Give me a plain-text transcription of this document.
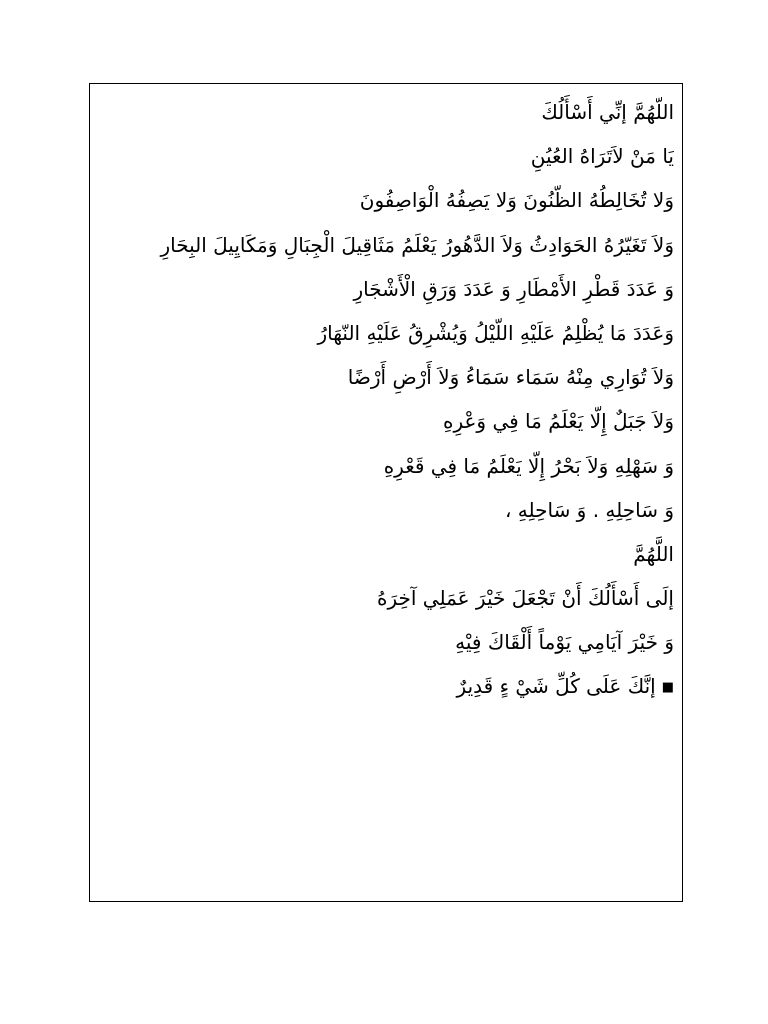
اللّهُمَّ إنِّي أَسْأَلُكَ
يَا مَنْ لاَتَرَاهُ العُيُنِ
وَلا تُخَالِطُهُ الظّنُونَ وَلا يَصِفُهُ الْوَاصِفُونَ
وَلاَ تَغَيّرُهُ الحَوَادِثُ وَلاَ الدَّهُورُ يَعْلَمُ مَثَاقِيلَ الْجِبَالِ وَمَكَايِيلَ البِحَارِ
وَ عَدَدَ قَطْرِ الأَمْطَارِ وَ عَدَدَ وَرَقِ الْأَشْجَارِ
وَعَدَدَ مَا يُظْلِمُ عَلَيْهِ اللّيْلُ وَيُشْرِقُ عَلَيْهِ النّهَارُ
وَلاَ تُوَارِي مِنْهُ سَمَاء سَمَاءُ وَلاَ أَرْضِ أَرْضًا
وَلاَ جَبَلٌ إِلّا يَعْلَمُ مَا فِي وَعْرِهِ
وَ سَهْلِهِ وَلاَ بَحْرُ إِلّا يَعْلَمُ مَا فِي قَعْرِهِ
وَ سَاحِلِهِ . وَ سَاحِلِهِ ،
اللَّهُمَّ
إلَى أَسْأَلُكَ أَنْ تَجْعَلَ خَيْرَ عَمَلِي آخِرَهُ
وَ خَيْرَ آيَامِي يَوْماً أَلْقَاكَ فِيْهِ
■إنَّكَ عَلَى كُلِّ شَيْ ءٍ قَدِيرٌ
